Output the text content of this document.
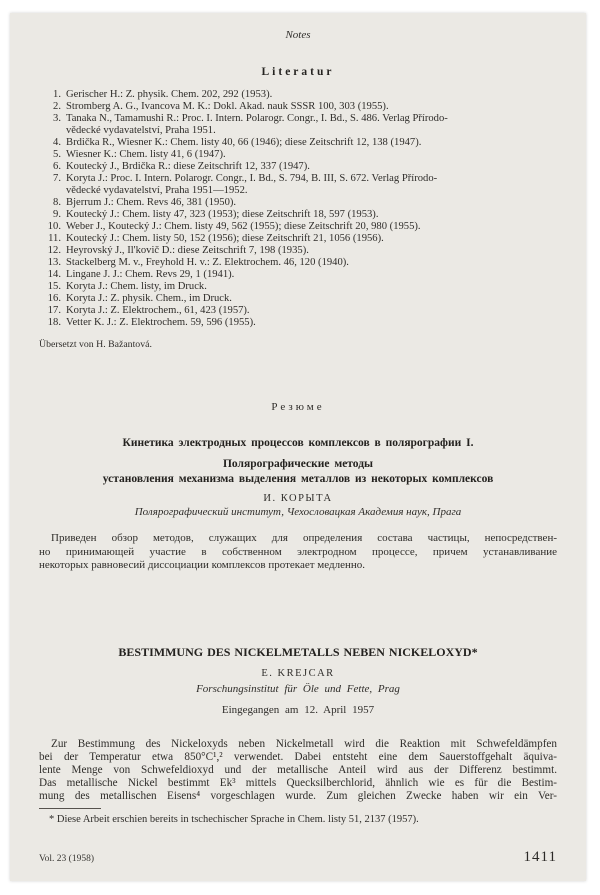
Notes
Literatur
1. Gerischer H.: Z. physik. Chem. 202, 292 (1953).
2. Stromberg A. G., Ivancova M. K.: Dokl. Akad. nauk SSSR 100, 303 (1955).
3. Tanaka N., Tamamushi R.: Proc. I. Intern. Polarogr. Congr., I. Bd., S. 486. Verlag Přírodo-
vědecké vydavatelství, Praha 1951.
4. Brdička R., Wiesner K.: Chem. listy 40, 66 (1946); diese Zeitschrift 12, 138 (1947).
5. Wiesner K.: Chem. listy 41, 6 (1947).
6. Koutecký J., Brdička R.: diese Zeitschrift 12, 337 (1947).
7. Koryta J.: Proc. I. Intern. Polarogr. Congr., I. Bd., S. 794, B. III, S. 672. Verlag Přírodo-
vědecké vydavatelství, Praha 1951—1952.
8. Bjerrum J.: Chem. Revs 46, 381 (1950).
9. Koutecký J.: Chem. listy 47, 323 (1953); diese Zeitschrift 18, 597 (1953).
10. Weber J., Koutecký J.: Chem. listy 49, 562 (1955); diese Zeitschrift 20, 980 (1955).
11. Koutecký J.: Chem. listy 50, 152 (1956); diese Zeitschrift 21, 1056 (1956).
12. Heyrovský J., Il'kovič D.: diese Zeitschrift 7, 198 (1935).
13. Stackelberg M. v., Freyhold H. v.: Z. Elektrochem. 46, 120 (1940).
14. Lingane J. J.: Chem. Revs 29, 1 (1941).
15. Koryta J.: Chem. listy, im Druck.
16. Koryta J.: Z. physik. Chem., im Druck.
17. Koryta J.: Z. Elektrochem., 61, 423 (1957).
18. Vetter K. J.: Z. Elektrochem. 59, 596 (1955).
Übersetzt von H. Bažantová.
Резюме
Кинетика электродных процессов комплексов в полярографии I.
Полярографические методы
установления механизма выделения металлов из некоторых комплексов
И. КОРЫТА
Полярографический институт, Чехословацкая Академия наук, Прага
Приведен обзор методов, служащих для определения состава частицы, непосредствен-
но принимающей участие в собственном электродном процессе, причем устанавливание
некоторых равновесий диссоциации комплексов протекает медленно.
BESTIMMUNG DES NICKELMETALLS NEBEN NICKELOXYD*
E. KREJCAR
Forschungsinstitut für Öle und Fette, Prag
Eingegangen am 12. April 1957
Zur Bestimmung des Nickeloxyds neben Nickelmetall wird die Reaktion mit Schwefeldämpfen
bei der Temperatur etwa 850°C¹,² verwendet. Dabei entsteht eine dem Sauerstoffgehalt äquiva-
lente Menge von Schwefeldioxyd und der metallische Anteil wird aus der Differenz bestimmt.
Das metallische Nickel bestimmt Ek³ mittels Quecksilberchlorid, ähnlich wie es für die Bestim-
mung des metallischen Eisens⁴ vorgeschlagen wurde. Zum gleichen Zwecke haben wir ein Ver-
* Diese Arbeit erschien bereits in tschechischer Sprache in Chem. listy 51, 2137 (1957).
Vol. 23 (1958)	1411
